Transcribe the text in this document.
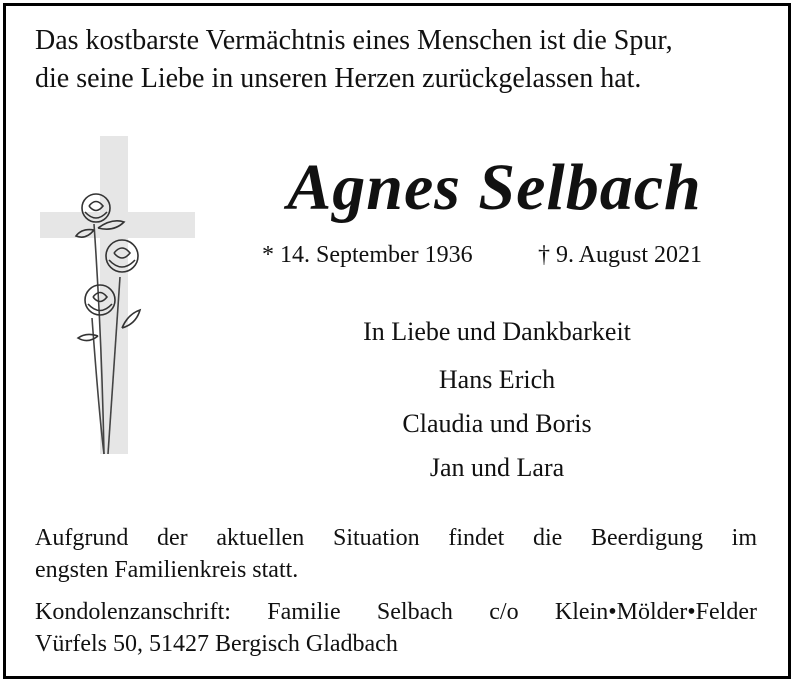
Das kostbarste Vermächtnis eines Menschen ist die Spur,
die seine Liebe in unseren Herzen zurückgelassen hat.
Agnes Selbach
* 14. September 1936	† 9. August 2021
In Liebe und Dankbarkeit
Hans Erich
Claudia und Boris
Jan und Lara

Aufgrund der aktuellen Situation findet die Beerdigung im
engsten Familienkreis statt.

Kondolenzanschrift: Familie Selbach c/o Klein•Mölder•Felder
Vürfels 50, 51427 Bergisch Gladbach
